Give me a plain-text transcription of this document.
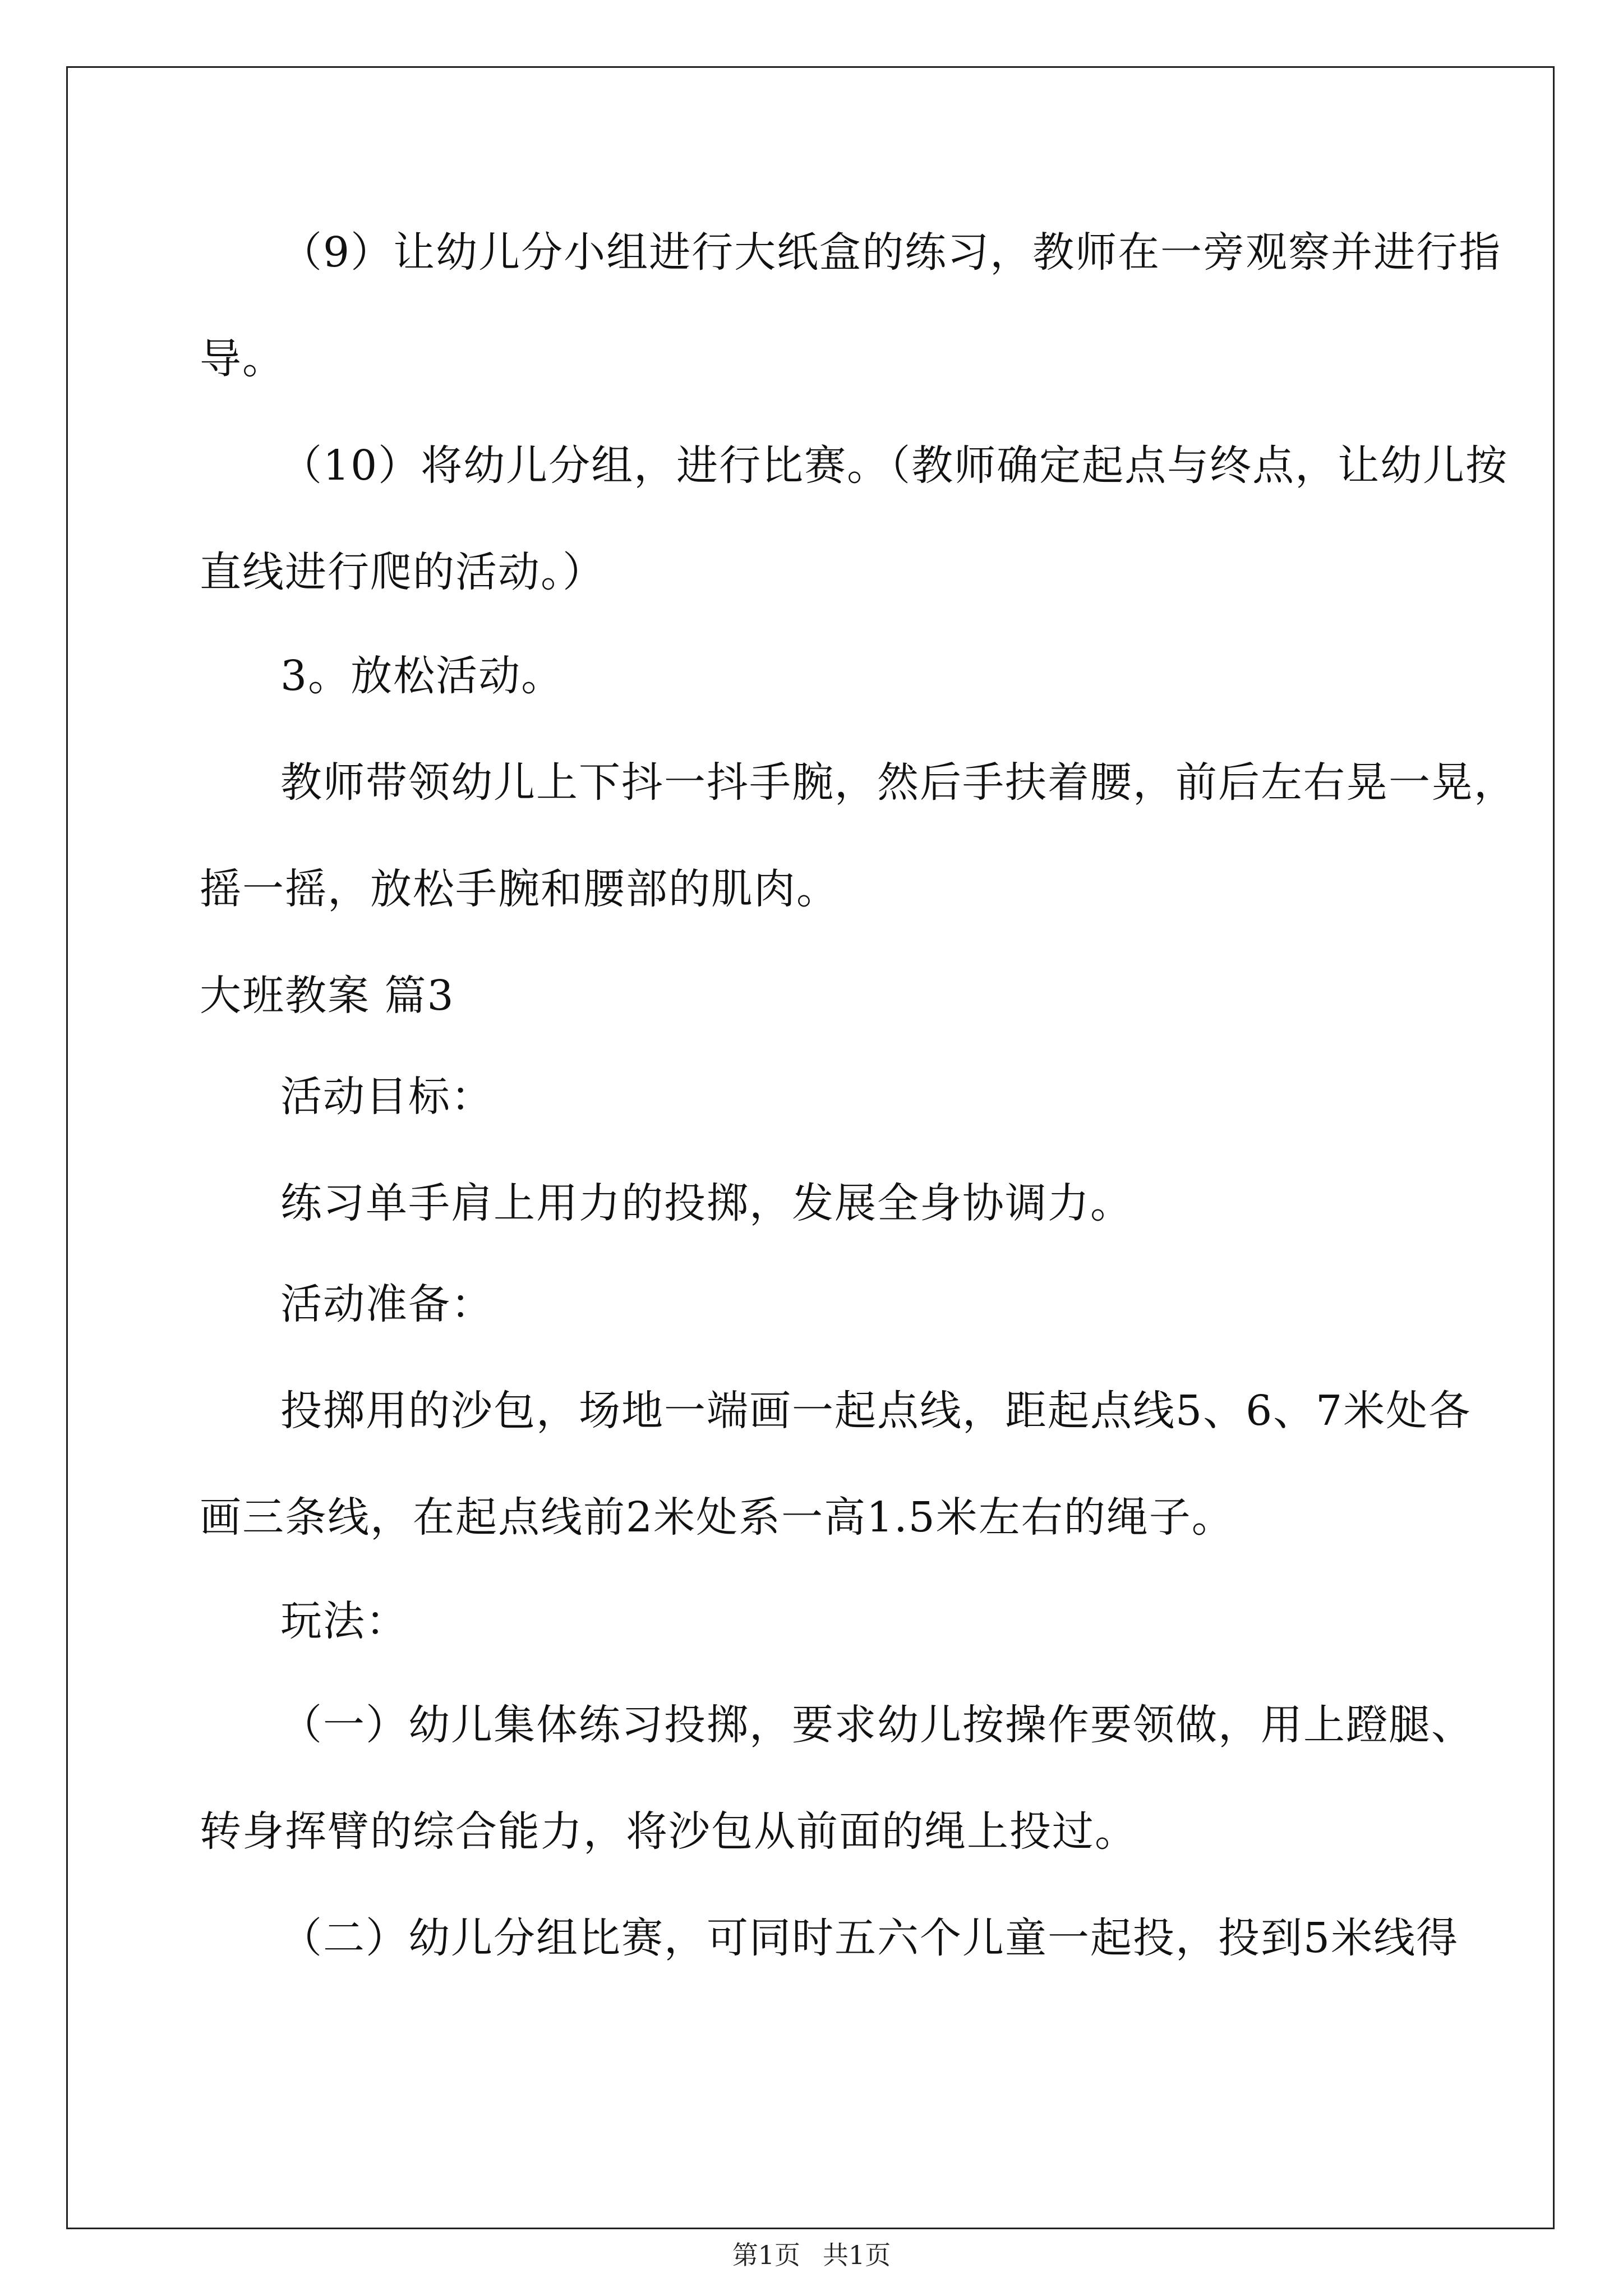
（9）让幼儿分小组进行大纸盒的练习，教师在一旁观察并进行指
导。
（10）将幼儿分组，进行比赛。（教师确定起点与终点，让幼儿按
直线进行爬的活动。）
3。放松活动。
教师带领幼儿上下抖一抖手腕，然后手扶着腰，前后左右晃一晃，
摇一摇，放松手腕和腰部的肌肉。
大班教案 篇3
活动目标：
练习单手肩上用力的投掷，发展全身协调力。
活动准备：
投掷用的沙包，场地一端画一起点线，距起点线5、6、7米处各
画三条线，在起点线前2米处系一高1.5米左右的绳子。
玩法：
（一）幼儿集体练习投掷，要求幼儿按操作要领做，用上蹬腿、
转身挥臂的综合能力，将沙包从前面的绳上投过。
（二）幼儿分组比赛，可同时五六个儿童一起投，投到5米线得
第1页 共1页
